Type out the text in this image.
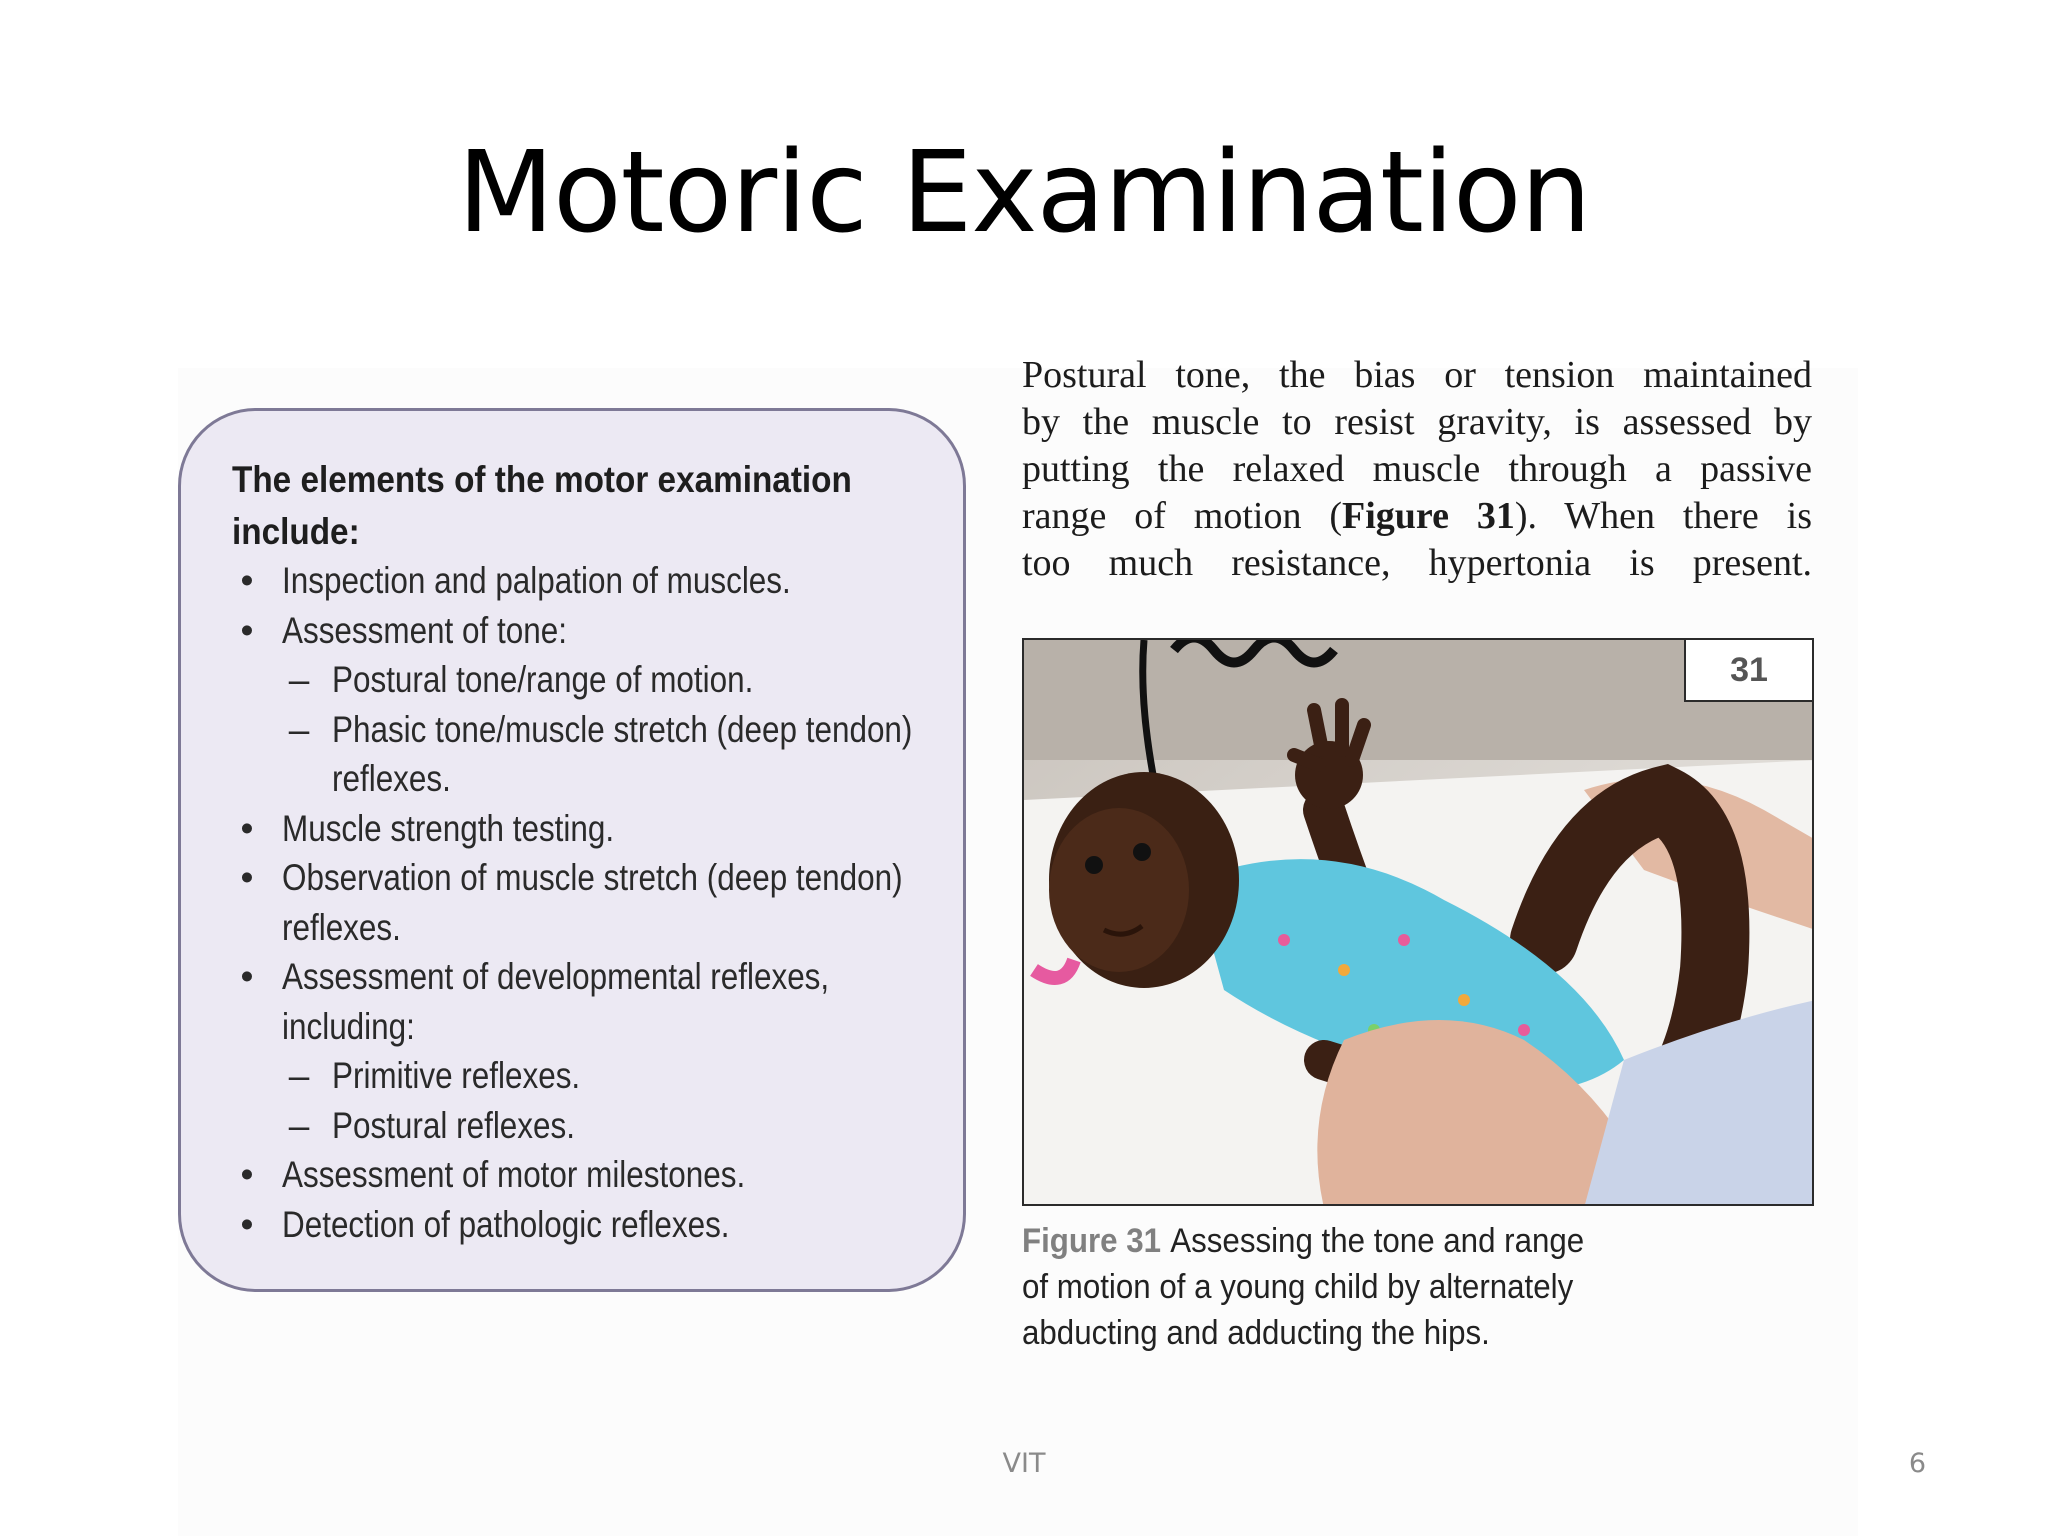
Motoric Examination
The elements of the motor examination
include:
• Inspection and palpation of muscles.
• Assessment of tone:
– Postural tone/range of motion.
– Phasic tone/muscle stretch (deep tendon)
reflexes.
• Muscle strength testing.
• Observation of muscle stretch (deep tendon)
reflexes.
• Assessment of developmental reflexes,
including:
– Primitive reflexes.
– Postural reflexes.
• Assessment of motor milestones.
• Detection of pathologic reflexes.
Postural tone, the bias or tension maintained
by the muscle to resist gravity, is assessed by
putting the relaxed muscle through a passive
range of motion (Figure 31). When there is
too much resistance, hypertonia is present.
31
Figure 31 Assessing the tone and range
of motion of a young child by alternately
abducting and adducting the hips.
VIT	6
